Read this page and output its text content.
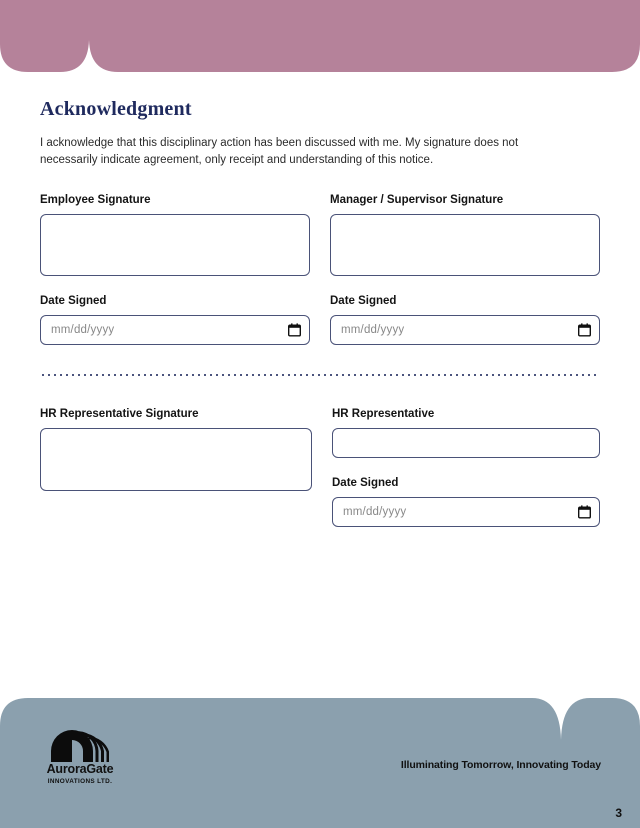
Acknowledgment

I acknowledge that this disciplinary action has been discussed with me. My signature does not necessarily indicate agreement, only receipt and understanding of this notice.

Employee Signature
Date Signed
mm/dd/yyyy
Manager / Supervisor Signature
Date Signed
mm/dd/yyyy
HR Representative Signature	HR Representative
Date Signed
mm/dd/yyyy
AuroraGate
INNOVATIONS LTD.
Illuminating Tomorrow, Innovating Today
3
